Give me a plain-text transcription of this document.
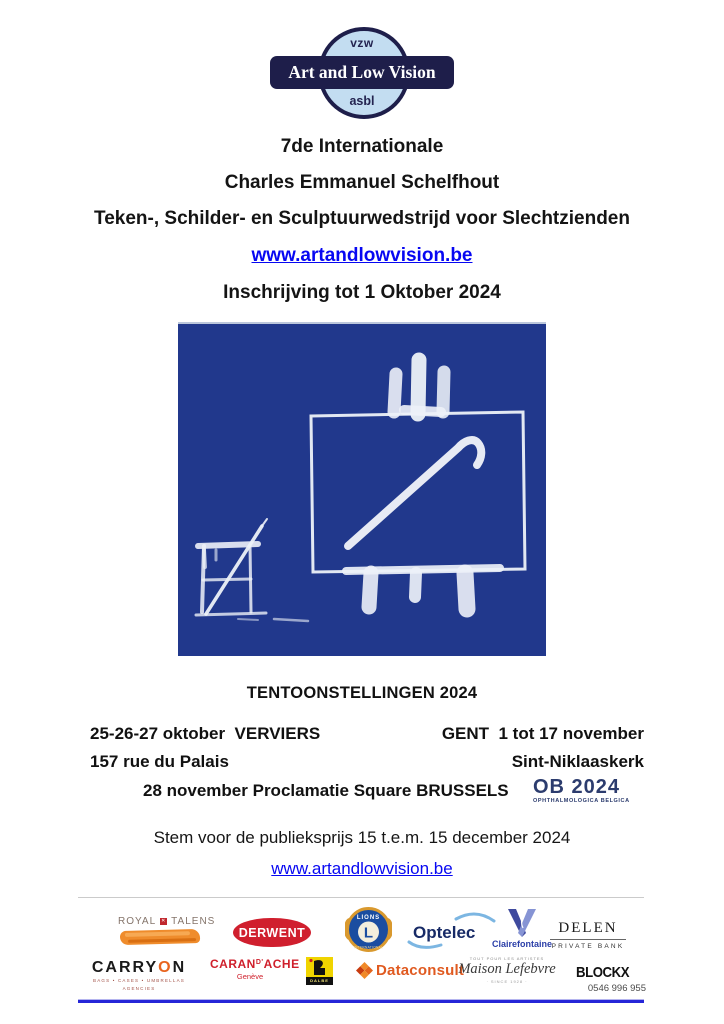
vzw
Art and Low Vision
asbl
7de Internationale
Charles Emmanuel Schelfhout
Teken-, Schilder- en Sculptuurwedstrijd voor Slechtzienden
www.artandlowvision.be
Inschrijving tot 1 Oktober 2024
TENTOONSTELLINGEN 2024
25-26-27 oktober  VERVIERS	GENT  1 tot 17 november
157 rue du Palais	Sint-Niklaaskerk
28 november Proclamatie Square BRUSSELS OB 2024
OPHTHALMOLOGICA BELGICA
Stem voor de publieksprijs 15 t.e.m. 15 december 2024
www.artandlowvision.be
ROYAL ✕ TALENS
DERWENT
LIONS
L
INTERNATIONAL
Optelec
Clairefontaine
DELEN
PRIVATE BANK
CARRYON
BAGS • CASES • UMBRELLAS
AGENCIES
$CARAN^{D'}ACHE$
Genève	DALBE
Dataconsult
TOUT POUR LES ARTISTES
Maison Lefebvre
· SINCE 1928 ·
BLOCKX
0546 996 955
